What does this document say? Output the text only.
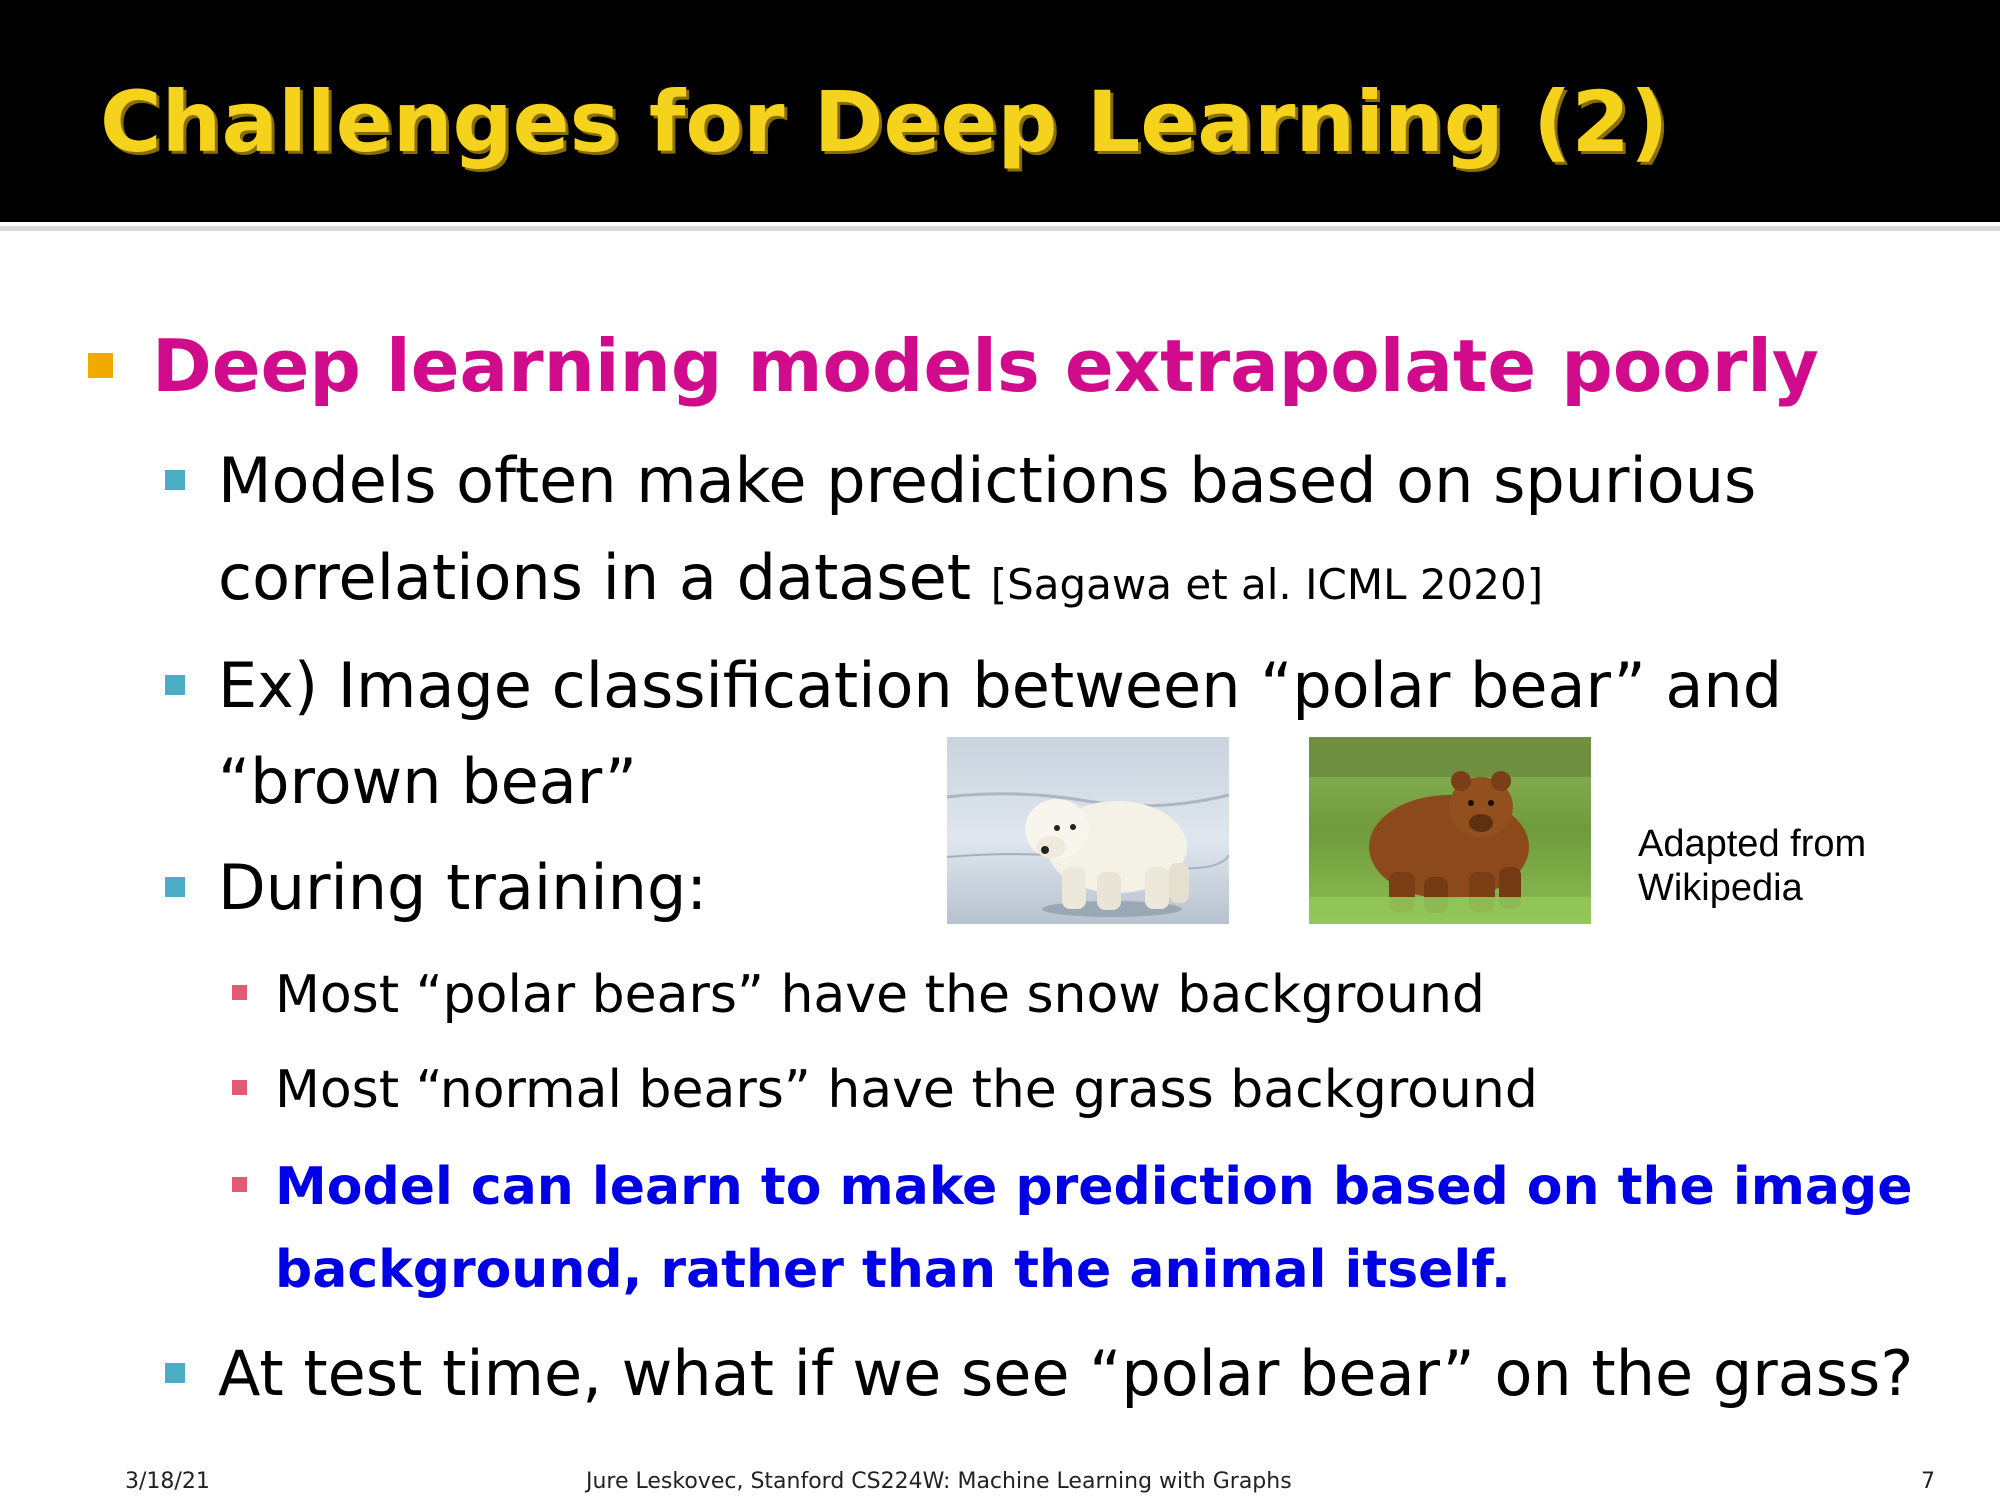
Challenges for Deep Learning (2)
Deep learning models extrapolate poorly
Models often make predictions based on spurious
correlations in a dataset [Sagawa et al. ICML 2020]
Ex) Image classification between “polar bear” and
“brown bear”
Adapted from
Wikipedia
During training:
Most “polar bears” have the snow background
Most “normal bears” have the grass background
Model can learn to make prediction based on the image
background, rather than the animal itself.
At test time, what if we see “polar bear” on the grass?
3/18/21	Jure Leskovec, Stanford CS224W: Machine Learning with Graphs	7
